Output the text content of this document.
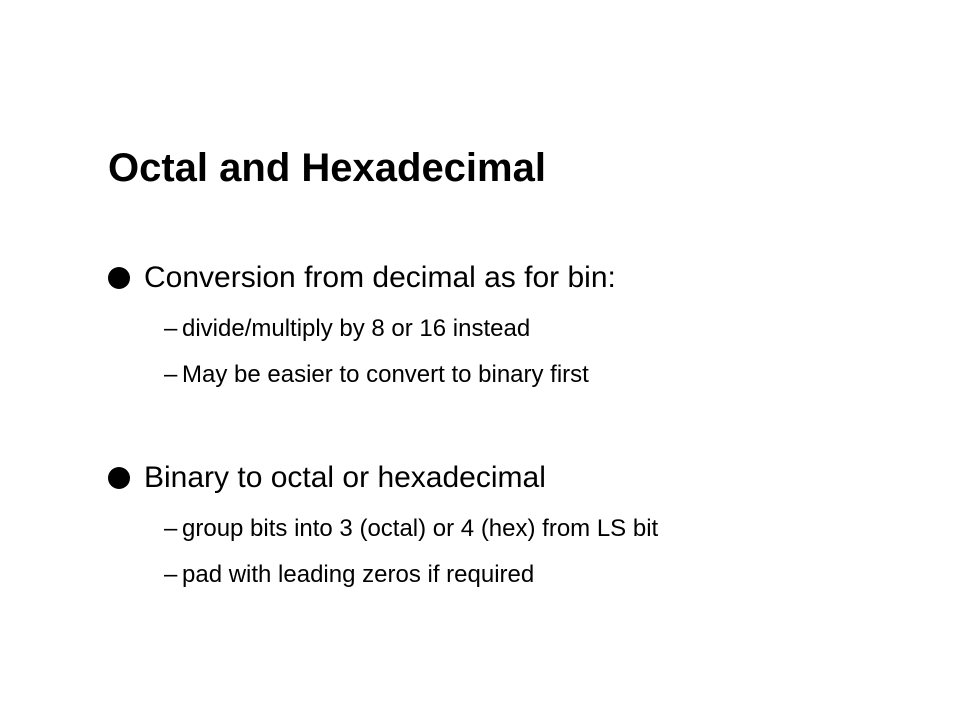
Octal and Hexadecimal
Conversion from decimal as for bin:
– divide/multiply by 8 or 16 instead
– May be easier to convert to binary first
Binary to octal or hexadecimal
– group bits into 3 (octal) or 4 (hex) from LS bit
– pad with leading zeros if required
